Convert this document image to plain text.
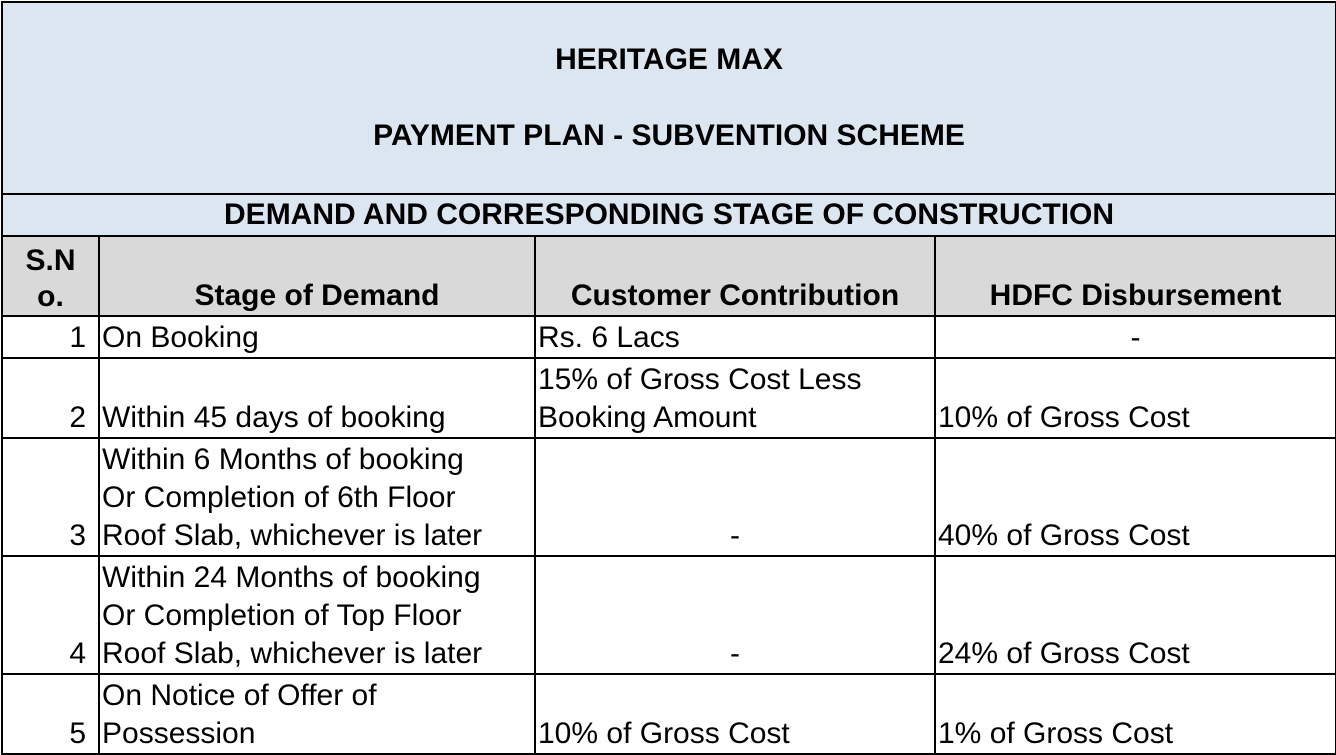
HERITAGE MAX

PAYMENT PLAN - SUBVENTION SCHEME			

DEMAND AND CORRESPONDING STAGE OF CONSTRUCTION			
S.N
o.	Stage of Demand	Customer Contribution	HDFC Disbursement
1	On Booking	Rs. 6 Lacs	-
2	Within 45 days of booking	15% of Gross Cost Less
Booking Amount	10% of Gross Cost
3	Within 6 Months of booking
Or Completion of 6th Floor
Roof Slab, whichever is later	-	40% of Gross Cost
4	Within 24 Months of booking
Or Completion of Top Floor
Roof Slab, whichever is later	-	24% of Gross Cost
5	On Notice of Offer of
Possession	10% of Gross Cost	1% of Gross Cost
